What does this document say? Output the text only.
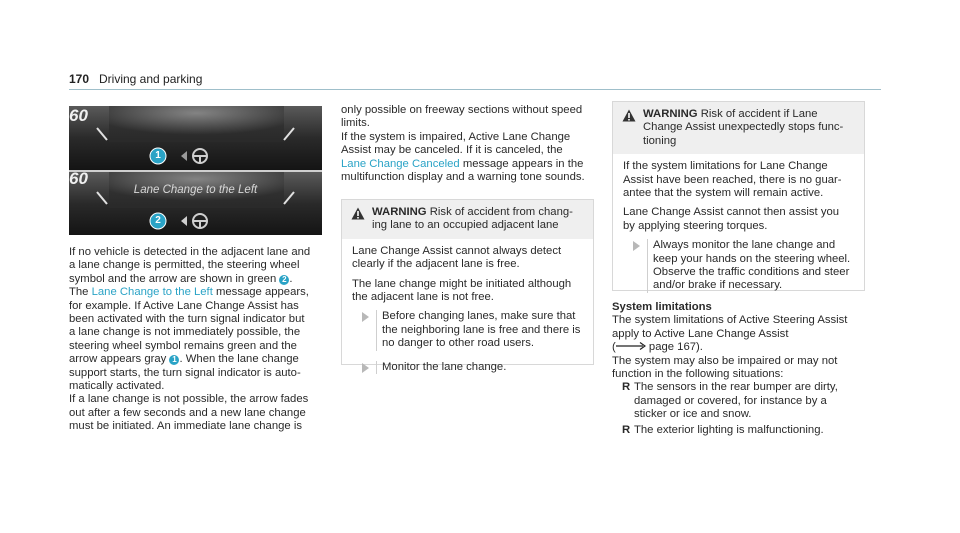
170 Driving and parking
60
60
1
2
Lane Change to the Left
If no vehicle is detected in the adjacent lane and
a lane change is permitted, the steering wheel
symbol and the arrow are shown in green 2 .
The Lane Change to the Left message appears,
for example. If Active Lane Change Assist has
been activated with the turn signal indicator but
a lane change is not immediately possible, the
steering wheel symbol remains green and the
arrow appears gray 1 . When the lane change
support starts, the turn signal indicator is auto-
matically activated.
If a lane change is not possible, the arrow fades
out after a few seconds and a new lane change
must be initiated. An immediate lane change is
only possible on freeway sections without speed
limits.
If the system is impaired, Active Lane Change
Assist may be canceled. If it is canceled, the
Lane Change Canceled message appears in the
multifunction display and a warning tone sounds.
WARNING Risk of accident from chang-
ing lane to an occupied adjacent lane

Lane Change Assist cannot always detect
clearly if the adjacent lane is free.

The lane change might be initiated although
the adjacent lane is not free.

Before changing lanes, make sure that
the neighboring lane is free and there is
no danger to other road users.
Monitor the lane change.
WARNING Risk of accident if Lane
Change Assist unexpectedly stops func-
tioning

If the system limitations for Lane Change
Assist have been reached, there is no guar-
antee that the system will remain active.

Lane Change Assist cannot then assist you
by applying steering torques.

Always monitor the lane change and
keep your hands on the steering wheel.
Observe the traffic conditions and steer
and/or brake if necessary.
System limitations
The system limitations of Active Steering Assist
apply to Active Lane Change Assist
(	page 167).
The system may also be impaired or may not
function in the following situations:
R The sensors in the rear bumper are dirty,
damaged or covered, for instance by a
sticker or ice and snow.
R The exterior lighting is malfunctioning.
